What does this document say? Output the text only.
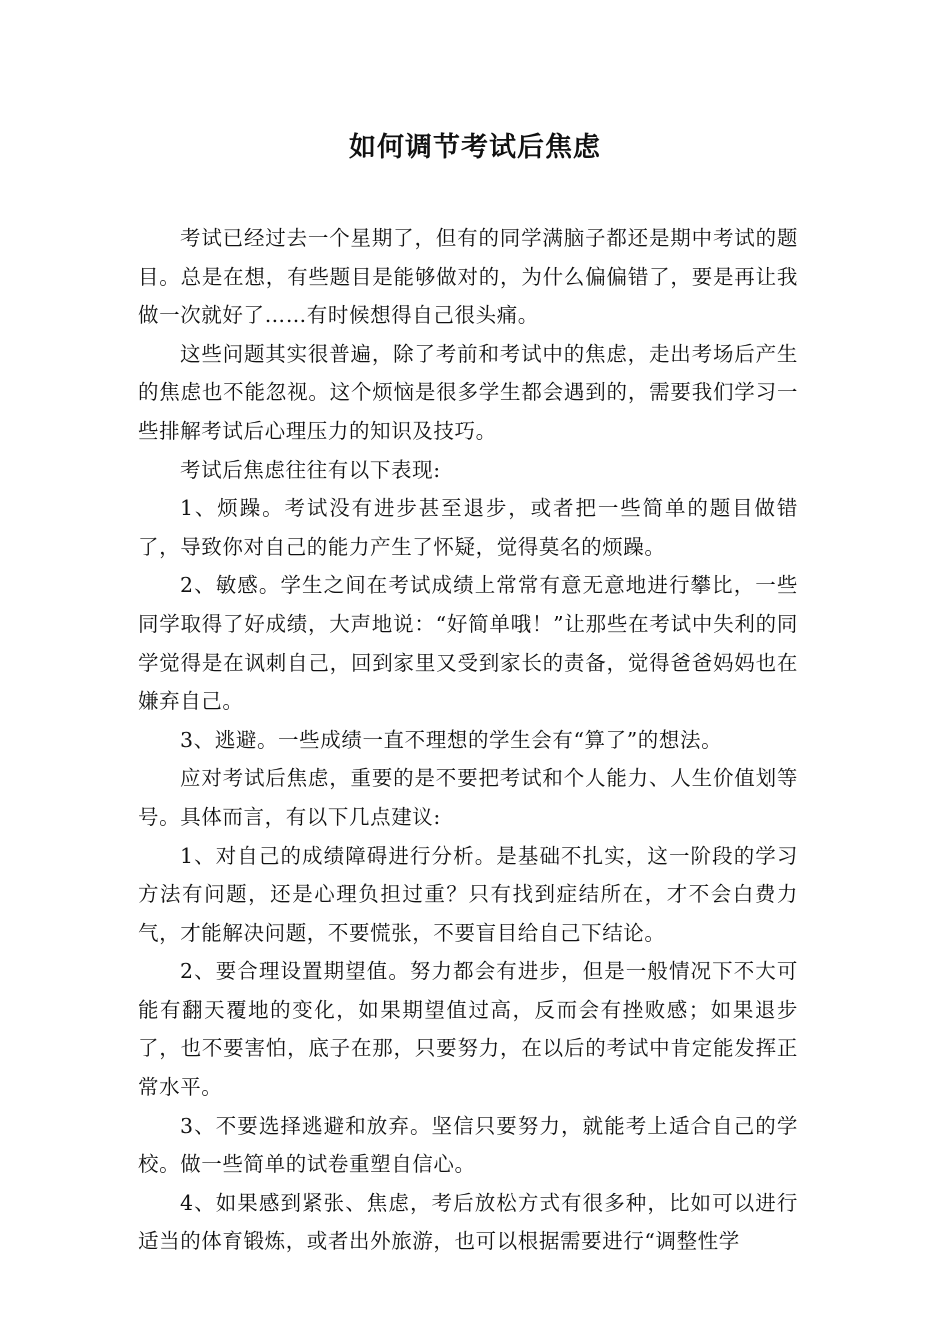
如何调节考试后焦虑

考试已经过去一个星期了，但有的同学满脑子都还是期中考试的题目。总是在想，有些题目是能够做对的，为什么偏偏错了，要是再让我做一次就好了……有时候想得自己很头痛。

这些问题其实很普遍，除了考前和考试中的焦虑，走出考场后产生的焦虑也不能忽视。这个烦恼是很多学生都会遇到的，需要我们学习一些排解考试后心理压力的知识及技巧。

考试后焦虑往往有以下表现:

1、烦躁。考试没有进步甚至退步，或者把一些简单的题目做错了，导致你对自己的能力产生了怀疑，觉得莫名的烦躁。

2、敏感。学生之间在考试成绩上常常有意无意地进行攀比，一些同学取得了好成绩，大声地说：“好简单哦！”让那些在考试中失利的同学觉得是在讽刺自己，回到家里又受到家长的责备，觉得爸爸妈妈也在嫌弃自己。

3、逃避。一些成绩一直不理想的学生会有“算了”的想法。

应对考试后焦虑，重要的是不要把考试和个人能力、人生价值划等号。具体而言，有以下几点建议:

1、对自己的成绩障碍进行分析。是基础不扎实，这一阶段的学习方法有问题，还是心理负担过重？只有找到症结所在，才不会白费力气，才能解决问题，不要慌张，不要盲目给自己下结论。

2、要合理设置期望值。努力都会有进步，但是一般情况下不大可能有翻天覆地的变化，如果期望值过高，反而会有挫败感；如果退步了，也不要害怕，底子在那，只要努力，在以后的考试中肯定能发挥正常水平。

3、不要选择逃避和放弃。坚信只要努力，就能考上适合自己的学校。做一些简单的试卷重塑自信心。

4、如果感到紧张、焦虑，考后放松方式有很多种，比如可以进行适当的体育锻炼，或者出外旅游，也可以根据需要进行“调整性学
